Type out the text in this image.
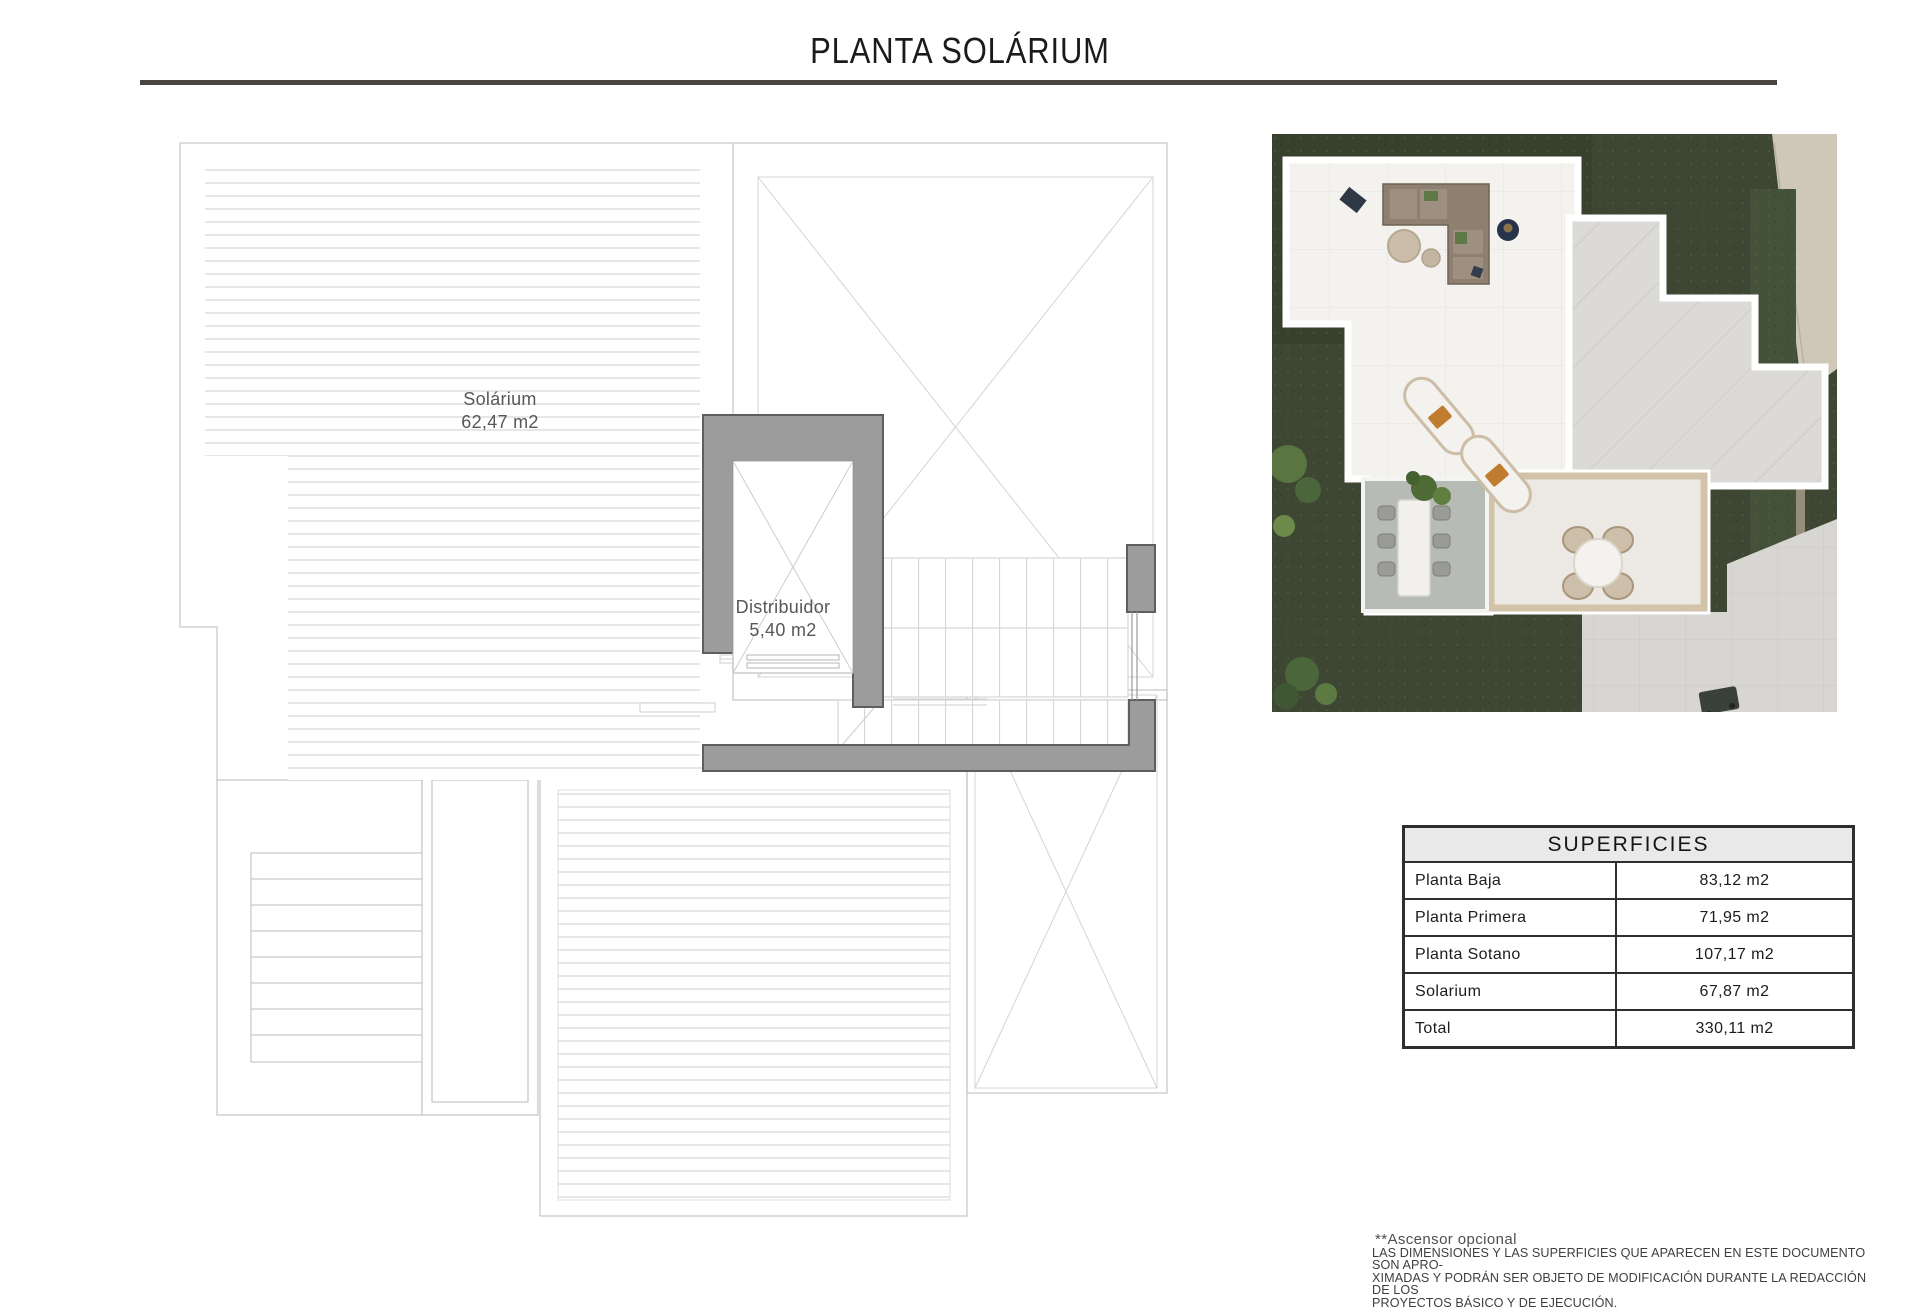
PLANTA SOLÁRIUM
Solárium
62,47 m2
Distribuidor
5,40 m2
SUPERFICIES
Planta Baja	83,12 m2
Planta Primera	71,95 m2
Planta Sotano	107,17 m2
Solarium	67,87 m2
Total	330,11 m2
**Ascensor opcional
LAS DIMENSIONES Y LAS SUPERFICIES QUE APARECEN EN ESTE DOCUMENTO SON APRO-
XIMADAS Y PODRÁN SER OBJETO DE MODIFICACIÓN DURANTE LA REDACCIÓN DE LOS
PROYECTOS BÁSICO Y DE EJECUCIÓN.
